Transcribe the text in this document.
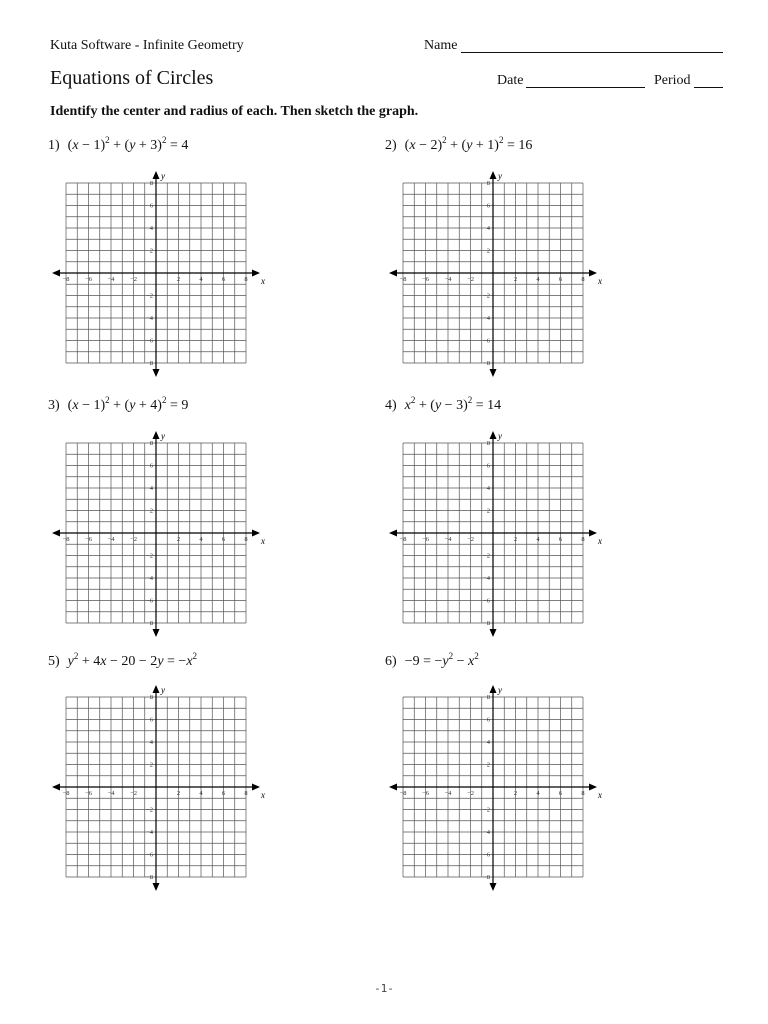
Kuta Software - Infinite Geometry	Name
Equations of Circles	Date	Period
Identify the center and radius of each. Then sketch the graph.
1) $(x - 1)^2 + (y + 3)^2 = 4$
x
y
−8 −6 −4 −2	2	4	6	8
8
6
4
2
−2
−4
−6
−8
2) $(x - 2)^2 + (y + 1)^2 = 16$
x
y
−8 −6 −4 −2	2	4	6	8
8
6
4
2
−2
−4
−6
−8
3) $(x - 1)^2 + (y + 4)^2 = 9$
x
y
−8 −6 −4 −2	2	4	6	8
8
6
4
2
−2
−4
−6
−8
4) $x^2 + (y - 3)^2 = 14$
x
y
−8 −6 −4 −2	2	4	6	8
8
6
4
2
−2
−4
−6
−8
5) $y^2 + 4x - 20 - 2y = -x^2$
x
y
−8 −6 −4 −2	2	4	6	8
8
6
4
2
−2
−4
−6
−8
$6) -9 = -y^2 - x^2$
x
y
−8 −6 −4 −2	2	4	6	8
8
6
4
2
−2
−4
−6
−8
-1-
